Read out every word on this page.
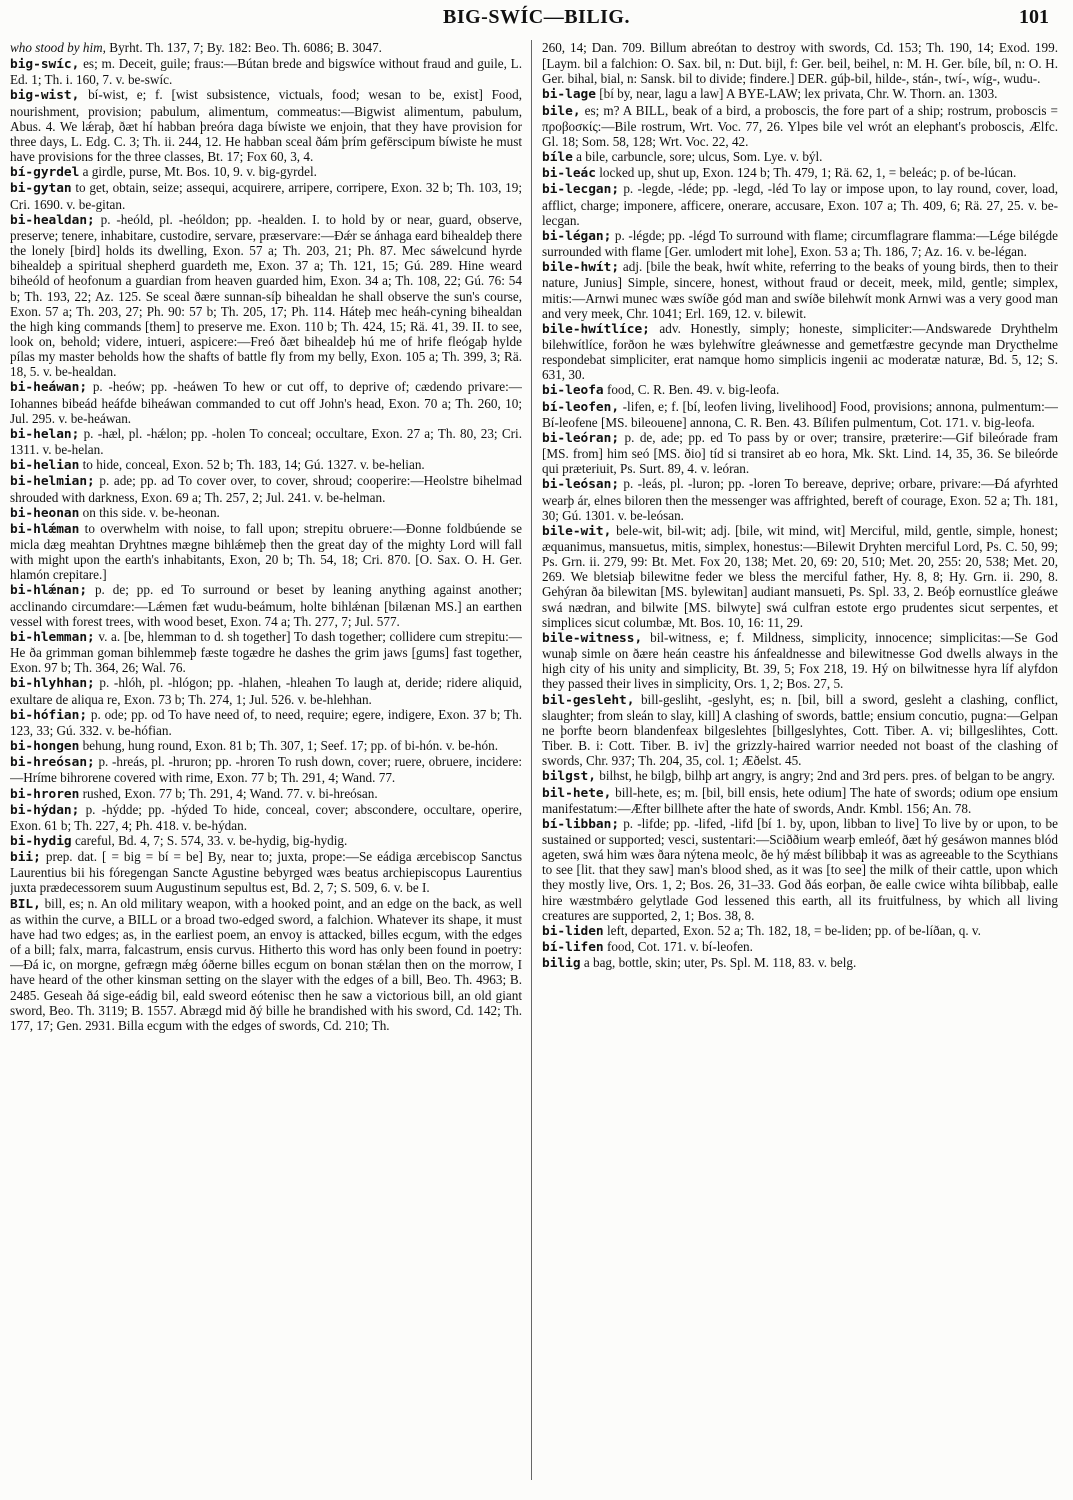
BIG-SWÍC—BILIG.	101

who stood by him, Byrht. Th. 137, 7; By. 182: Beo. Th. 6086; B. 3047.

big-swíc, es; m. Deceit, guile; fraus:—Bútan brede and bigswíce without fraud and guile, L. Ed. 1; Th. i. 160, 7. v. be-swíc.

big-wist, bí-wist, e; f. [wist subsistence, victuals, food; wesan to be, exist] Food, nourishment, provision; pabulum, alimentum, commeatus:—Bigwist alimentum, pabulum, Abus. 4. We lǽraþ, ðæt hí habban þreóra daga bíwiste we enjoin, that they have provision for three days, L. Edg. C. 3; Th. ii. 244, 12. He habban sceal ðám þrím gefērscipum bíwiste he must have provisions for the three classes, Bt. 17; Fox 60, 3, 4.

bí-gyrdel a girdle, purse, Mt. Bos. 10, 9. v. big-gyrdel.

bi-gytan to get, obtain, seize; assequi, acquirere, arripere, corripere, Exon. 32 b; Th. 103, 19; Cri. 1690. v. be-gitan.

bi-healdan; p. -heóld, pl. -heóldon; pp. -healden. I. to hold by or near, guard, observe, preserve; tenere, inhabitare, custodire, servare, præservare:—Ðǽr se ánhaga eard bihealdeþ there the lonely [bird] holds its dwelling, Exon. 57 a; Th. 203, 21; Ph. 87. Mec sáwelcund hyrde bihealdeþ a spiritual shepherd guardeth me, Exon. 37 a; Th. 121, 15; Gú. 289. Hine weard biheóld of heofonum a guardian from heaven guarded him, Exon. 34 a; Th. 108, 22; Gú. 76: 54 b; Th. 193, 22; Az. 125. Se sceal ðære sunnan-síþ bihealdan he shall observe the sun's course, Exon. 57 a; Th. 203, 27; Ph. 90: 57 b; Th. 205, 17; Ph. 114. Háteþ mec heáh-cyning bihealdan the high king commands [them] to preserve me. Exon. 110 b; Th. 424, 15; Rä. 41, 39. II. to see, look on, behold; videre, intueri, aspicere:—Freó ðæt bihealdeþ hú me of hrife fleógaþ hylde pílas my master beholds how the shafts of battle fly from my belly, Exon. 105 a; Th. 399, 3; Rä. 18, 5. v. be-healdan.

bi-heáwan; p. -heów; pp. -heáwen To hew or cut off, to deprive of; cædendo privare:—Iohannes bibeád heáfde biheáwan commanded to cut off John's head, Exon. 70 a; Th. 260, 10; Jul. 295. v. be-heáwan.

bi-helan; p. -hæl, pl. -hǽlon; pp. -holen To conceal; occultare, Exon. 27 a; Th. 80, 23; Cri. 1311. v. be-helan.

bi-helian to hide, conceal, Exon. 52 b; Th. 183, 14; Gú. 1327. v. be-helian.

bi-helmian; p. ade; pp. ad To cover over, to cover, shroud; cooperire:—Heolstre bihelmad shrouded with darkness, Exon. 69 a; Th. 257, 2; Jul. 241. v. be-helman.

bi-heonan on this side. v. be-heonan.

bi-hlǽman to overwhelm with noise, to fall upon; strepitu obruere:—Ðonne foldbúende se micla dæg meahtan Dryhtnes mægne bihlǽmeþ then the great day of the mighty Lord will fall with might upon the earth's inhabitants, Exon, 20 b; Th. 54, 18; Cri. 870. [O. Sax. O. H. Ger. hlamón crepitare.]

bi-hlǽnan; p. de; pp. ed To surround or beset by leaning anything against another; acclinando circumdare:—Lǽmen fæt wudu-beámum, holte bihlǽnan [bilænan MS.] an earthen vessel with forest trees, with wood beset, Exon. 74 a; Th. 277, 7; Jul. 577.

bi-hlemman; v. a. [be, hlemman to d. sh together] To dash together; collidere cum strepitu:—He ða grimman goman bihlemmeþ fæste togædre he dashes the grim jaws [gums] fast together, Exon. 97 b; Th. 364, 26; Wal. 76.

bi-hlyhhan; p. -hlóh, pl. -hlógon; pp. -hlahen, -hleahen To laugh at, deride; ridere aliquid, exultare de aliqua re, Exon. 73 b; Th. 274, 1; Jul. 526. v. be-hlehhan.

bi-hófian; p. ode; pp. od To have need of, to need, require; egere, indigere, Exon. 37 b; Th. 123, 33; Gú. 332. v. be-hófian.

bi-hongen behung, hung round, Exon. 81 b; Th. 307, 1; Seef. 17; pp. of bi-hón. v. be-hón.

bi-hreósan; p. -hreás, pl. -hruron; pp. -hroren To rush down, cover; ruere, obruere, incidere:—Hríme bihrorene covered with rime, Exon. 77 b; Th. 291, 4; Wand. 77.

bi-hroren rushed, Exon. 77 b; Th. 291, 4; Wand. 77. v. bi-hreósan.

bi-hýdan; p. -hýdde; pp. -hýded To hide, conceal, cover; abscondere, occultare, operire, Exon. 61 b; Th. 227, 4; Ph. 418. v. be-hýdan.

bi-hydig careful, Bd. 4, 7; S. 574, 33. v. be-hydig, big-hydig.

bii; prep. dat. [ = big = bí = be] By, near to; juxta, prope:—Se eádiga ærcebiscop Sanctus Laurentius bii his fóregengan Sancte Agustine bebyrged wæs beatus archiepiscopus Laurentius juxta prædecessorem suum Augustinum sepultus est, Bd. 2, 7; S. 509, 6. v. be I.

BIL, bill, es; n. An old military weapon, with a hooked point, and an edge on the back, as well as within the curve, a BILL or a broad two-edged sword, a falchion. Whatever its shape, it must have had two edges; as, in the earliest poem, an envoy is attacked, billes ecgum, with the edges of a bill; falx, marra, falcastrum, ensis curvus. Hitherto this word has only been found in poetry:—Ðá ic, on morgne, gefrægn mǽg óðerne billes ecgum on bonan stǽlan then on the morrow, I have heard of the other kinsman setting on the slayer with the edges of a bill, Beo. Th. 4963; B. 2485. Geseah ðá sige-eádig bil, eald sweord eótenisc then he saw a victorious bill, an old giant sword, Beo. Th. 3119; B. 1557. Abrægd mid ðý bille he brandished with his sword, Cd. 142; Th. 177, 17; Gen. 2931. Billa ecgum with the edges of swords, Cd. 210; Th.

260, 14; Dan. 709. Billum abreótan to destroy with swords, Cd. 153; Th. 190, 14; Exod. 199. [Laym. bil a falchion: O. Sax. bil, n: Dut. bijl, f: Ger. beil, beihel, n: M. H. Ger. bíle, bíl, n: O. H. Ger. bihal, bial, n: Sansk. bil to divide; findere.] DER. gúþ-bil, hilde-, stán-, twí-, wíg-, wudu-.

bi-lage [bí by, near, lagu a law] A BYE-LAW; lex privata, Chr. W. Thorn. an. 1303.

bile, es; m? A BILL, beak of a bird, a proboscis, the fore part of a ship; rostrum, proboscis = προβοσκίς:—Bile rostrum, Wrt. Voc. 77, 26. Ylpes bile vel wrót an elephant's proboscis, Ælfc. Gl. 18; Som. 58, 128; Wrt. Voc. 22, 42.

bíle a bile, carbuncle, sore; ulcus, Som. Lye. v. býl.

bi-leác locked up, shut up, Exon. 124 b; Th. 479, 1; Rä. 62, 1, = beleác; p. of be-lúcan.

bi-lecgan; p. -legde, -léde; pp. -legd, -léd To lay or impose upon, to lay round, cover, load, afflict, charge; imponere, afficere, onerare, accusare, Exon. 107 a; Th. 409, 6; Rä. 27, 25. v. be-lecgan.

bi-légan; p. -légde; pp. -légd To surround with flame; circumflagrare flamma:—Lége bilégde surrounded with flame [Ger. umlodert mit lohe], Exon. 53 a; Th. 186, 7; Az. 16. v. be-légan.

bile-hwít; adj. [bile the beak, hwít white, referring to the beaks of young birds, then to their nature, Junius] Simple, sincere, honest, without fraud or deceit, meek, mild, gentle; simplex, mitis:—Arnwi munec wæs swíðe gód man and swíðe bilehwít monk Arnwi was a very good man and very meek, Chr. 1041; Erl. 169, 12. v. bilewit.

bile-hwítlíce; adv. Honestly, simply; honeste, simpliciter:—Andswarede Dryhthelm bilehwítlíce, forðon he wæs bylehwítre gleáwnesse and gemetfæstre gecynde man Drycthelme respondebat simpliciter, erat namque homo simplicis ingenii ac moderatæ naturæ, Bd. 5, 12; S. 631, 30.

bi-leofa food, C. R. Ben. 49. v. big-leofa.

bí-leofen, -lifen, e; f. [bí, leofen living, livelihood] Food, provisions; annona, pulmentum:—Bí-leofene [MS. bileouene] annona, C. R. Ben. 43. Bílifen pulmentum, Cot. 171. v. big-leofa.

bi-leóran; p. de, ade; pp. ed To pass by or over; transire, præterire:—Gif bileórade fram [MS. from] him seó [MS. ðio] tíd si transiret ab eo hora, Mk. Skt. Lind. 14, 35, 36. Se bileórde qui præteriuit, Ps. Surt. 89, 4. v. leóran.

bi-leósan; p. -leás, pl. -luron; pp. -loren To bereave, deprive; orbare, privare:—Ðá afyrhted wearþ ár, elnes biloren then the messenger was affrighted, bereft of courage, Exon. 52 a; Th. 181, 30; Gú. 1301. v. be-leósan.

bile-wit, bele-wit, bil-wit; adj. [bile, wit mind, wit] Merciful, mild, gentle, simple, honest; æquanimus, mansuetus, mitis, simplex, honestus:—Bilewit Dryhten merciful Lord, Ps. C. 50, 99; Ps. Grn. ii. 279, 99: Bt. Met. Fox 20, 138; Met. 20, 69: 20, 510; Met. 20, 255: 20, 538; Met. 20, 269. We bletsiaþ bilewitne feder we bless the merciful father, Hy. 8, 8; Hy. Grn. ii. 290, 8. Gehýran ða bilewitan [MS. bylewitan] audiant mansueti, Ps. Spl. 33, 2. Beóþ eornustlíce gleáwe swá nædran, and bilwite [MS. bilwyte] swá culfran estote ergo prudentes sicut serpentes, et simplices sicut columbæ, Mt. Bos. 10, 16: 11, 29.

bile-witness, bil-witness, e; f. Mildness, simplicity, innocence; simplicitas:—Se God wunaþ simle on ðære heán ceastre his ánfealdnesse and bilewitnesse God dwells always in the high city of his unity and simplicity, Bt. 39, 5; Fox 218, 19. Hý on bilwitnesse hyra líf alyfdon they passed their lives in simplicity, Ors. 1, 2; Bos. 27, 5.

bil-gesleht, bill-gesliht, -geslyht, es; n. [bil, bill a sword, gesleht a clashing, conflict, slaughter; from sleán to slay, kill] A clashing of swords, battle; ensium concutio, pugna:—Gelpan ne þorfte beorn blandenfeax bilgeslehtes [billgeslyhtes, Cott. Tiber. A. vi; billgeslihtes, Cott. Tiber. B. i: Cott. Tiber. B. iv] the grizzly-haired warrior needed not boast of the clashing of swords, Chr. 937; Th. 204, 35, col. 1; Æðelst. 45.

bilgst, bilhst, he bilgþ, bilhþ art angry, is angry; 2nd and 3rd pers. pres. of belgan to be angry.

bil-hete, bill-hete, es; m. [bil, bill ensis, hete odium] The hate of swords; odium ope ensium manifestatum:—Æfter billhete after the hate of swords, Andr. Kmbl. 156; An. 78.

bí-libban; p. -lifde; pp. -lifed, -lifd [bí 1. by, upon, libban to live] To live by or upon, to be sustained or supported; vesci, sustentari:—Sciððium wearþ emleóf, ðæt hý gesáwon mannes blód ageten, swá him wæs ðara nýtena meolc, ðe hý mǽst bílibbaþ it was as agreeable to the Scythians to see [lit. that they saw] man's blood shed, as it was [to see] the milk of their cattle, upon which they mostly live, Ors. 1, 2; Bos. 26, 31–33. God ðás eorþan, ðe ealle cwice wihta bílibbaþ, ealle hire wæstmbǽro gelytlade God lessened this earth, all its fruitfulness, by which all living creatures are supported, 2, 1; Bos. 38, 8.

bi-liden left, departed, Exon. 52 a; Th. 182, 18, = be-liden; pp. of be-líðan, q. v.

bí-lifen food, Cot. 171. v. bí-leofen.

bilig a bag, bottle, skin; uter, Ps. Spl. M. 118, 83. v. belg.
